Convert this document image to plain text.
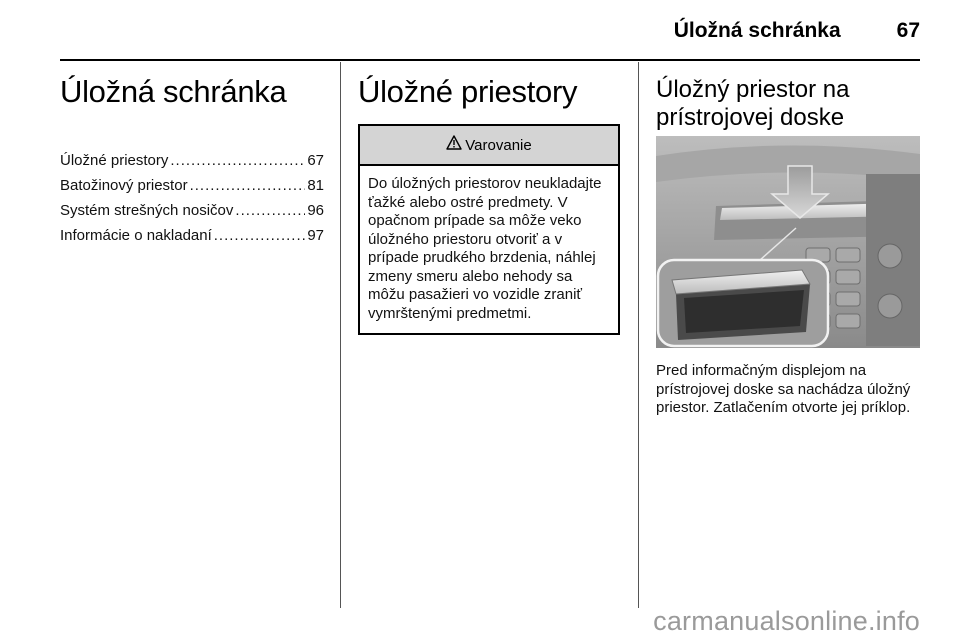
Úložná schránka	67
Úložná schránka
Úložné priestory .....	67
Batožinový priestor .....	81
Systém strešných nosičov .....	96
Informácie o nakladaní .....	97
Úložné priestory
Varovanie
Do úložných priestorov neukladajte ťažké alebo ostré predmety. V opačnom prípade sa môže veko úložného priestoru otvoriť a v prípade prudkého brzdenia, náhlej zmeny smeru alebo nehody sa môžu pasažieri vo vozidle zraniť vymrštenými predmetmi.
Úložný priestor na prístrojovej doske
Pred informačným displejom na prístrojovej doske sa nachádza úložný priestor. Zatlačením otvorte jej príklop.
carmanualsonline.info
